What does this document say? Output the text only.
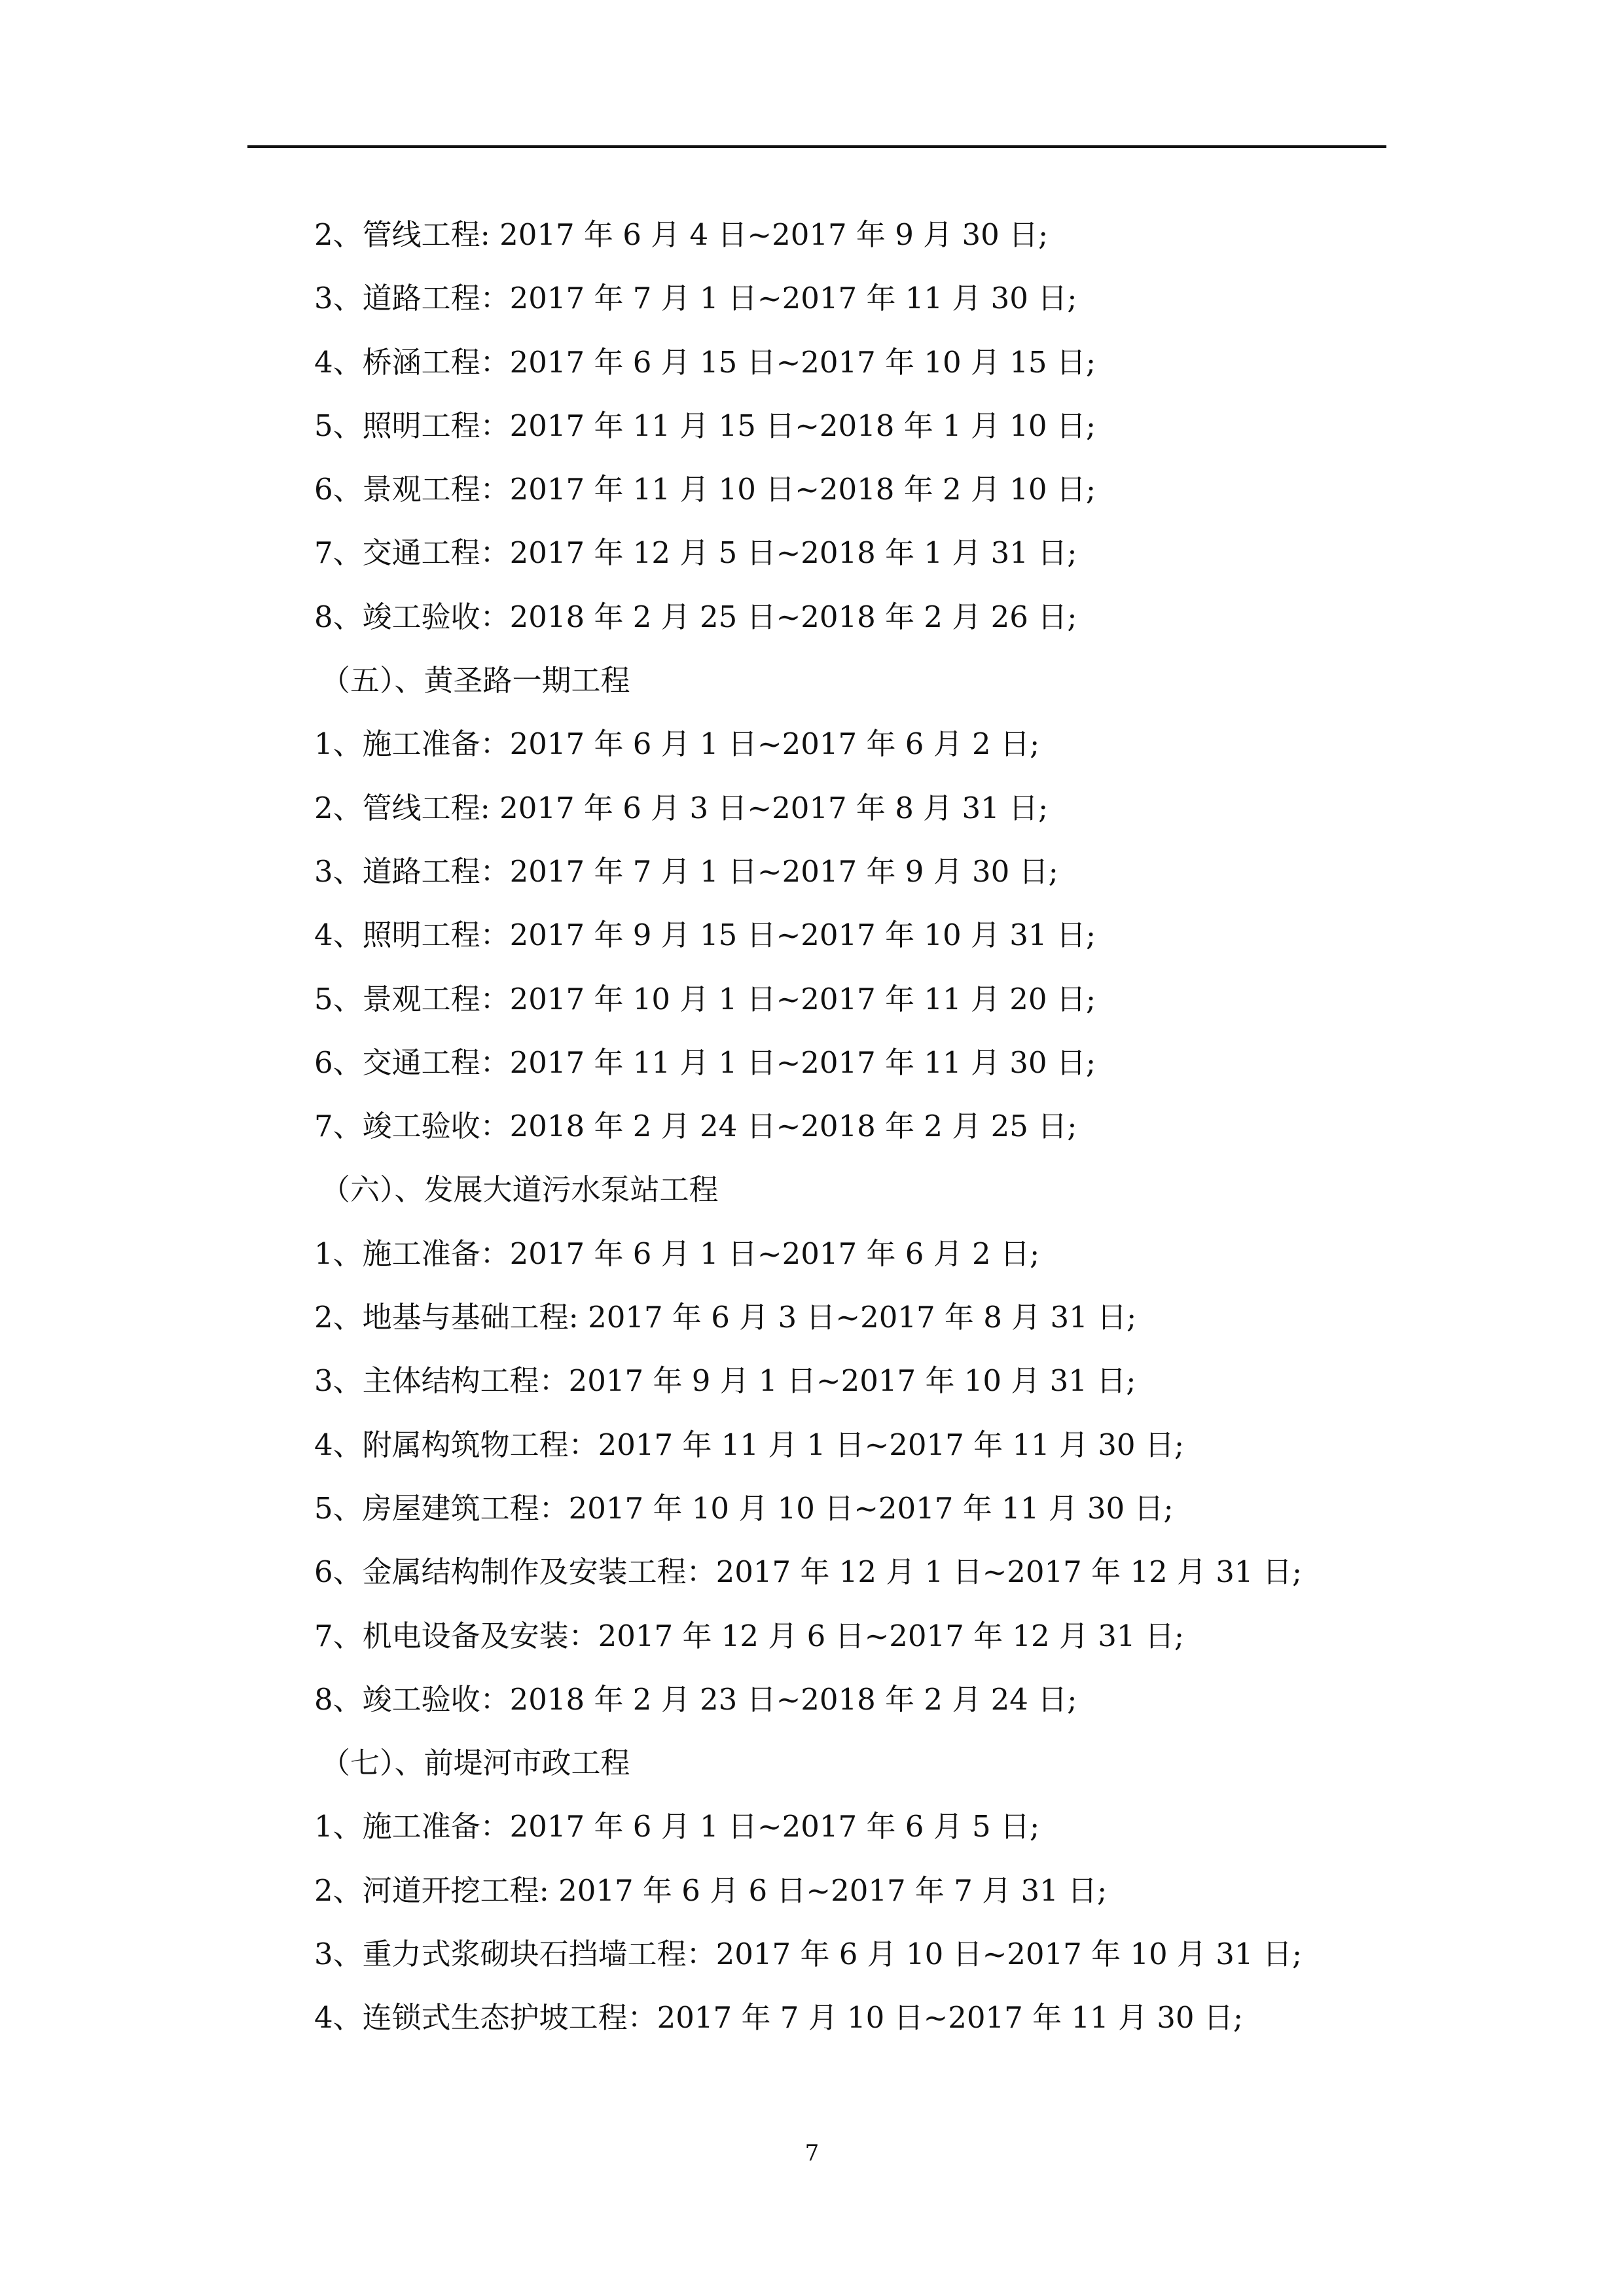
2、管线工程: 2017 年 6 月 4 日~2017 年 9 月 30 日;
3、道路工程：2017 年 7 月 1 日~2017 年 11 月 30 日;
4、桥涵工程：2017 年 6 月 15 日~2017 年 10 月 15 日;
5、照明工程：2017 年 11 月 15 日~2018 年 1 月 10 日;
6、景观工程：2017 年 11 月 10 日~2018 年 2 月 10 日;
7、交通工程：2017 年 12 月 5 日~2018 年 1 月 31 日;
8、竣工验收：2018 年 2 月 25 日~2018 年 2 月 26 日;
（五）、黄圣路一期工程
1、施工准备：2017 年 6 月 1 日~2017 年 6 月 2 日;
2、管线工程: 2017 年 6 月 3 日~2017 年 8 月 31 日;
3、道路工程：2017 年 7 月 1 日~2017 年 9 月 30 日;
4、照明工程：2017 年 9 月 15 日~2017 年 10 月 31 日;
5、景观工程：2017 年 10 月 1 日~2017 年 11 月 20 日;
6、交通工程：2017 年 11 月 1 日~2017 年 11 月 30 日;
7、竣工验收：2018 年 2 月 24 日~2018 年 2 月 25 日;
（六）、发展大道污水泵站工程
1、施工准备：2017 年 6 月 1 日~2017 年 6 月 2 日;
2、地基与基础工程: 2017 年 6 月 3 日~2017 年 8 月 31 日;
3、主体结构工程：2017 年 9 月 1 日~2017 年 10 月 31 日;
4、附属构筑物工程：2017 年 11 月 1 日~2017 年 11 月 30 日;
5、房屋建筑工程：2017 年 10 月 10 日~2017 年 11 月 30 日;
6、金属结构制作及安装工程：2017 年 12 月 1 日~2017 年 12 月 31 日;
7、机电设备及安装：2017 年 12 月 6 日~2017 年 12 月 31 日;
8、竣工验收：2018 年 2 月 23 日~2018 年 2 月 24 日;
（七）、前堤河市政工程
1、施工准备：2017 年 6 月 1 日~2017 年 6 月 5 日;
2、河道开挖工程: 2017 年 6 月 6 日~2017 年 7 月 31 日;
3、重力式浆砌块石挡墙工程：2017 年 6 月 10 日~2017 年 10 月 31 日;
4、连锁式生态护坡工程：2017 年 7 月 10 日~2017 年 11 月 30 日;
7
